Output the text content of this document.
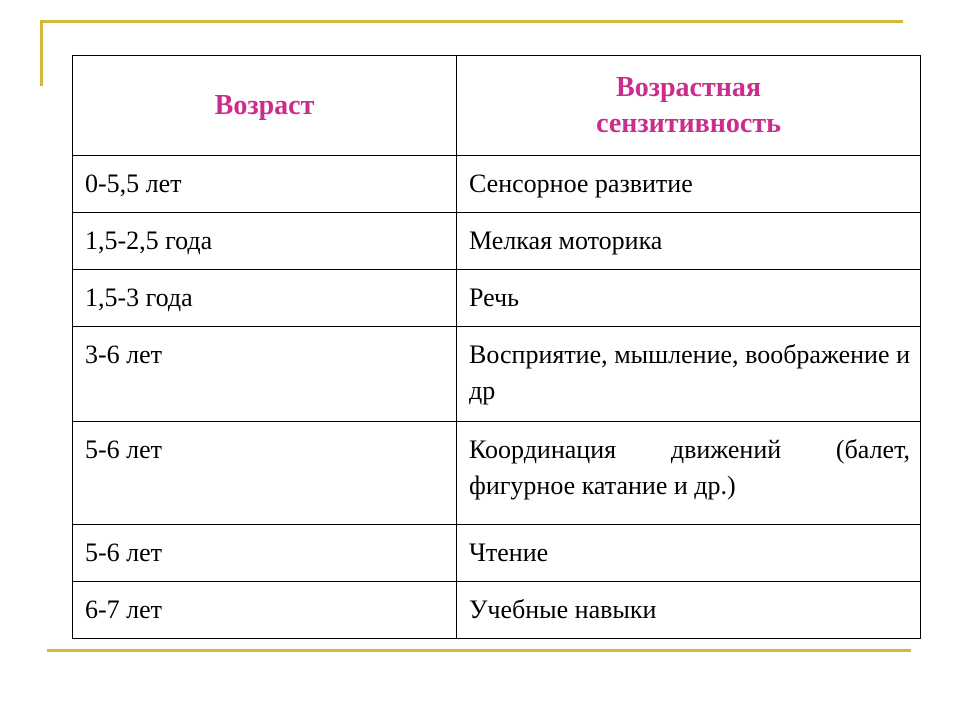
Возраст	Возрастная
сензитивность

0-5,5 лет	Сенсорное развитие
1,5-2,5 года	Мелкая моторика
1,5-3 года	Речь
3-6 лет	Восприятие, мышление, воображение и др
5-6 лет	Координация движений (балет, фигурное катание и др.)
5-6 лет	Чтение
6-7 лет	Учебные навыки
